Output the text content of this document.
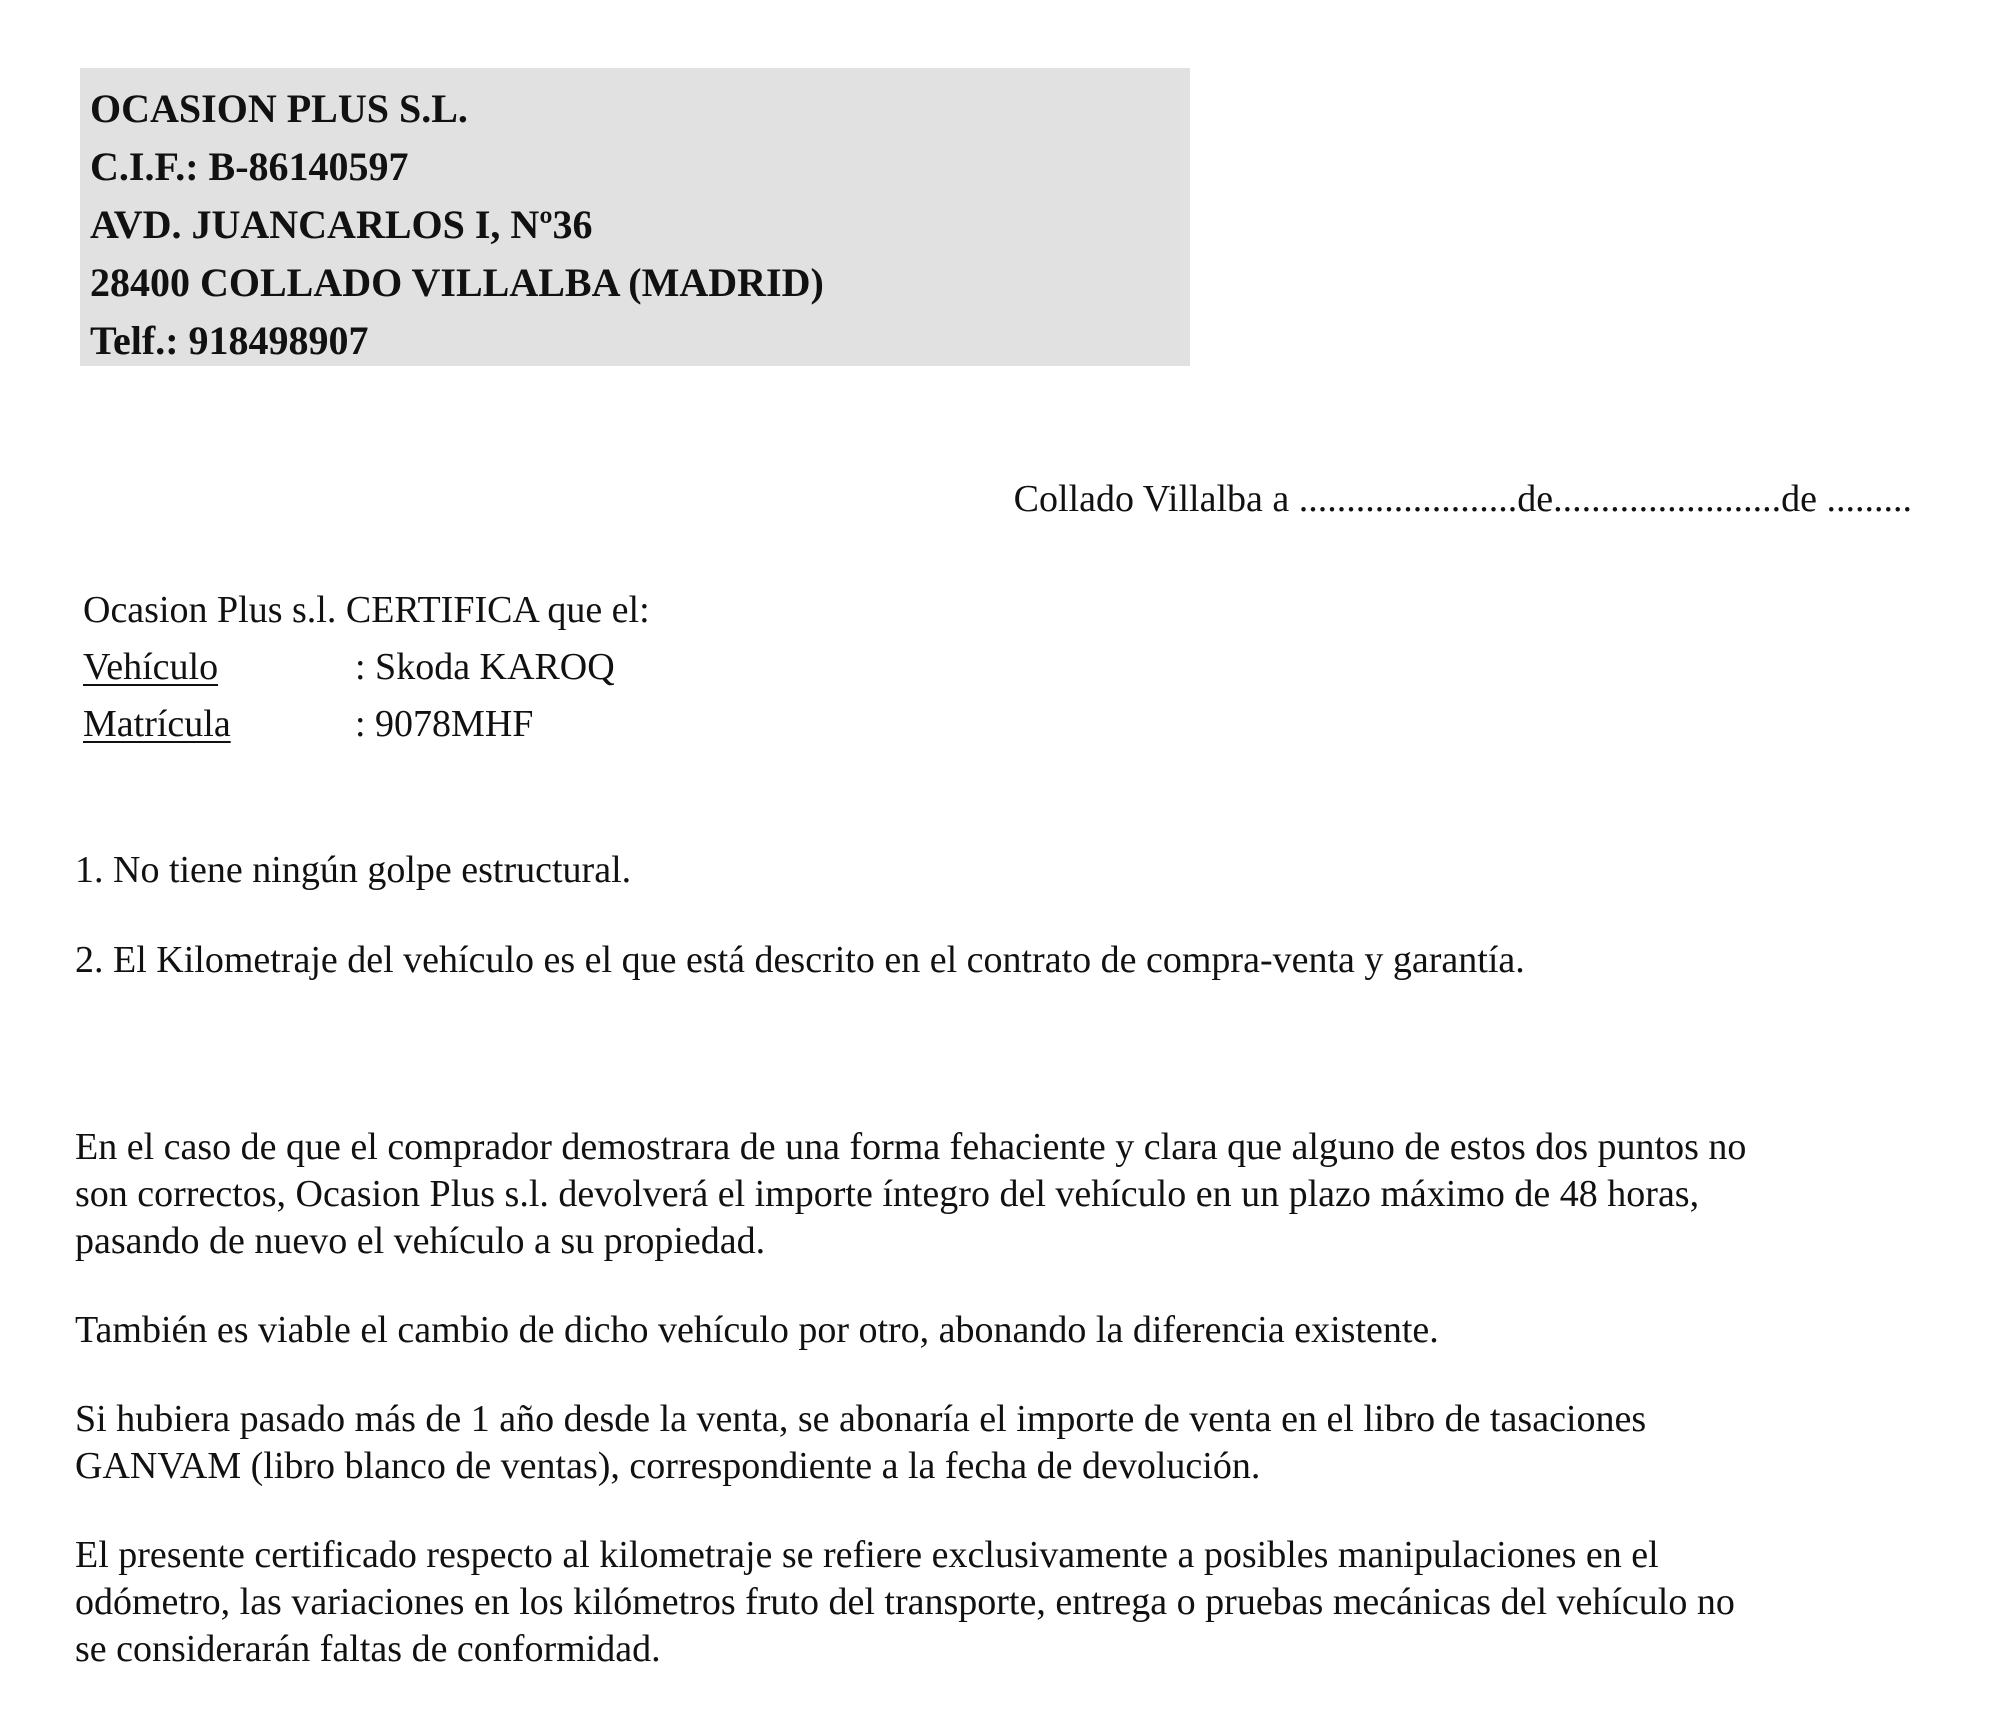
OCASION PLUS S.L.
C.I.F.: B-86140597
AVD. JUANCARLOS I, Nº36
28400 COLLADO VILLALBA (MADRID)
Telf.: 918498907
Collado Villalba a .......................de........................de .........
Ocasion Plus s.l. CERTIFICA que el:
Vehículo	: Skoda KAROQ
Matrícula	: 9078MHF

1. No tiene ningún golpe estructural.

2. El Kilometraje del vehículo es el que está descrito en el contrato de compra-venta y garantía.

En el caso de que el comprador demostrara de una forma fehaciente y clara que alguno de estos dos puntos no
son correctos, Ocasion Plus s.l. devolverá el importe íntegro del vehículo en un plazo máximo de 48 horas,
pasando de nuevo el vehículo a su propiedad.

También es viable el cambio de dicho vehículo por otro, abonando la diferencia existente.

Si hubiera pasado más de 1 año desde la venta, se abonaría el importe de venta en el libro de tasaciones
GANVAM (libro blanco de ventas), correspondiente a la fecha de devolución.

El presente certificado respecto al kilometraje se refiere exclusivamente a posibles manipulaciones en el
odómetro, las variaciones en los kilómetros fruto del transporte, entrega o pruebas mecánicas del vehículo no
se considerarán faltas de conformidad.
